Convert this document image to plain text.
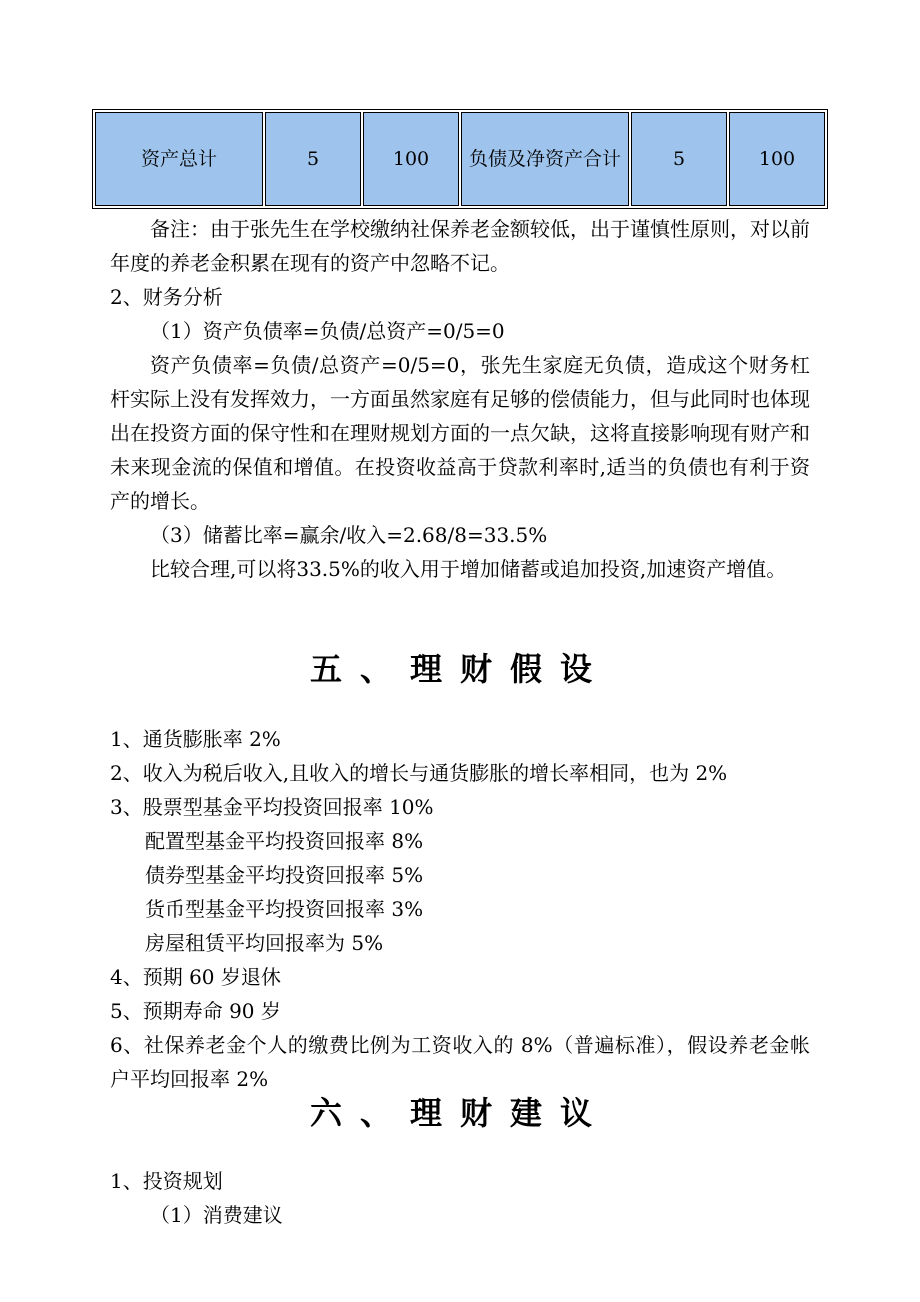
资产总计	5	100	负债及净资产合计	5	100

备注：由于张先生在学校缴纳社保养老金额较低，出于谨慎性原则，对以前年度的养老金积累在现有的资产中忽略不记。

2、财务分析

（1）资产负债率=负债/总资产=0/5=0

资产负债率=负债/总资产=0/5=0，张先生家庭无负债，造成这个财务杠杆实际上没有发挥效力，一方面虽然家庭有足够的偿债能力，但与此同时也体现出在投资方面的保守性和在理财规划方面的一点欠缺，这将直接影响现有财产和未来现金流的保值和增值。在投资收益高于贷款利率时,适当的负债也有利于资产的增长。

（3）储蓄比率=赢余/收入=2.68/8=33.5%

比较合理,可以将33.5%的收入用于增加储蓄或追加投资,加速资产增值。

五、理财假设

1、通货膨胀率 2%

2、收入为税后收入,且收入的增长与通货膨胀的增长率相同，也为 2%

3、股票型基金平均投资回报率 10%

配置型基金平均投资回报率 8%

债券型基金平均投资回报率 5%

货币型基金平均投资回报率 3%

房屋租赁平均回报率为 5%

4、预期 60 岁退休

5、预期寿命 90 岁

6、社保养老金个人的缴费比例为工资收入的 8%（普遍标准），假设养老金帐户平均回报率 2%

六、理财建议

1、投资规划

（1）消费建议
